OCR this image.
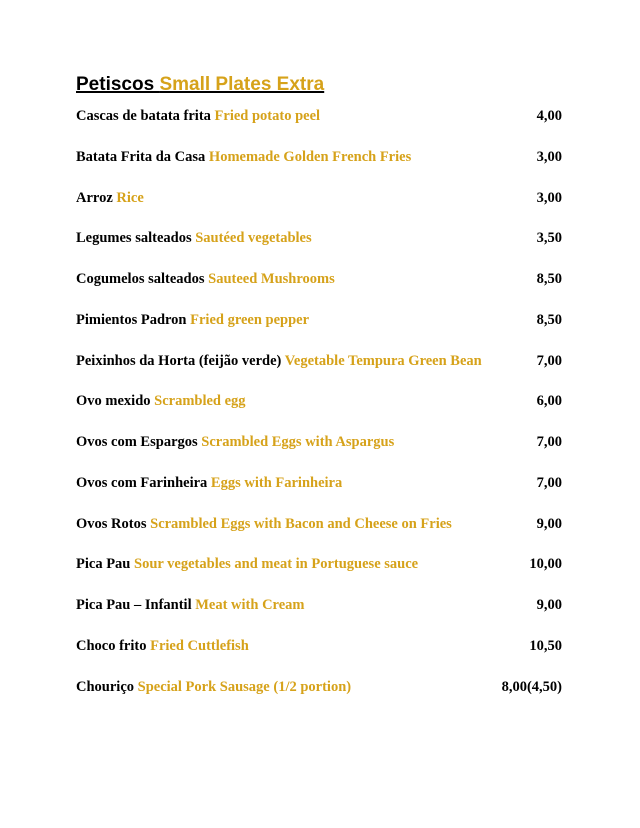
Petiscos Small Plates Extra
Cascas de batata frita Fried potato peel	4,00
Batata Frita da Casa Homemade Golden French Fries	3,00
Arroz Rice	3,00
Legumes salteados Sautéed vegetables	3,50
Cogumelos salteados Sauteed Mushrooms	8,50
Pimientos Padron Fried green pepper	8,50
Peixinhos da Horta (feijão verde) Vegetable Tempura Green Bean	7,00
Ovo mexido Scrambled egg	6,00
Ovos com Espargos Scrambled Eggs with Aspargus	7,00
Ovos com Farinheira Eggs with Farinheira	7,00
Ovos Rotos Scrambled Eggs with Bacon and Cheese on Fries	9,00
Pica Pau Sour vegetables and meat in Portuguese sauce	10,00
Pica Pau – Infantil Meat with Cream	9,00
Choco frito Fried Cuttlefish	10,50
Chouriço Special Pork Sausage (1/2 portion)	8,00(4,50)
